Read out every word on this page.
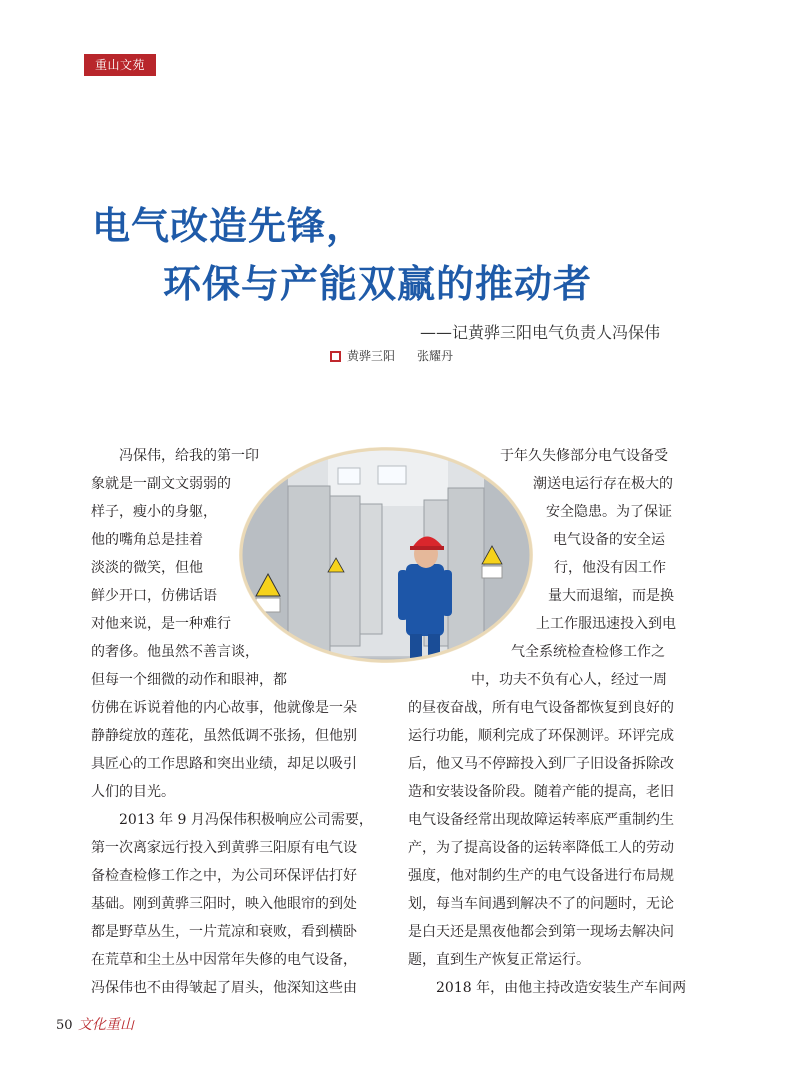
重山文苑
电气改造先锋，
环保与产能双赢的推动者
——记黄骅三阳电气负责人冯保伟
黄骅三阳 张耀丹
冯保伟，给我的第一印
象就是一副文文弱弱的
样子，瘦小的身躯，
他的嘴角总是挂着
淡淡的微笑，但他
鲜少开口，仿佛话语
对他来说，是一种难行
的奢侈。他虽然不善言谈，
但每一个细微的动作和眼神，都
仿佛在诉说着他的内心故事，他就像是一朵
静静绽放的莲花，虽然低调不张扬，但他别
具匠心的工作思路和突出业绩，却足以吸引
人们的目光。
2013 年 9 月冯保伟积极响应公司需要，
第一次离家远行投入到黄骅三阳原有电气设
备检查检修工作之中，为公司环保评估打好
基础。刚到黄骅三阳时，映入他眼帘的到处
都是野草丛生，一片荒凉和衰败，看到横卧
在荒草和尘土丛中因常年失修的电气设备，
冯保伟也不由得皱起了眉头，他深知这些由
于年久失修部分电气设备受
潮送电运行存在极大的
安全隐患。为了保证
电气设备的安全运
行，他没有因工作
量大而退缩，而是换
上工作服迅速投入到电
气全系统检查检修工作之
中，功夫不负有心人，经过一周
的昼夜奋战，所有电气设备都恢复到良好的
运行功能，顺利完成了环保测评。环评完成
后，他又马不停蹄投入到厂子旧设备拆除改
造和安装设备阶段。随着产能的提高，老旧
电气设备经常出现故障运转率底严重制约生
产，为了提高设备的运转率降低工人的劳动
强度，他对制约生产的电气设备进行布局规
划，每当车间遇到解决不了的问题时，无论
是白天还是黑夜他都会到第一现场去解决问
题，直到生产恢复正常运行。
2018 年，由他主持改造安装生产车间两
50 文化重山
